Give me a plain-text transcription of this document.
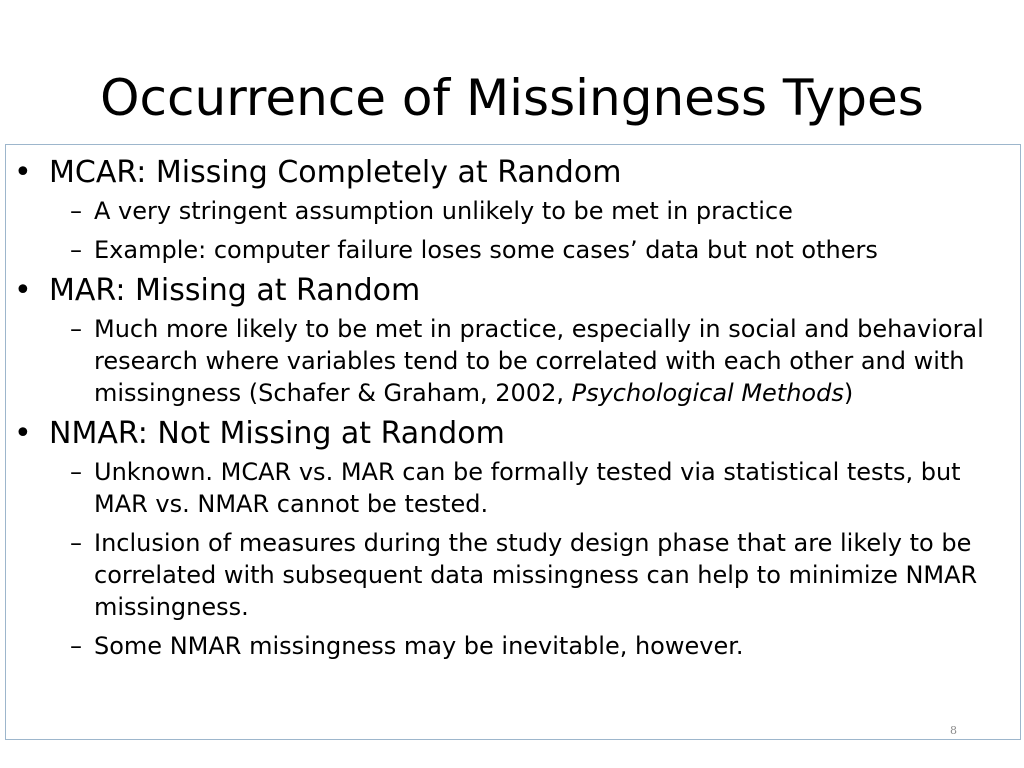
Occurrence of Missingness Types
• MCAR: Missing Completely at Random
– A very stringent assumption unlikely to be met in practice
– Example: computer failure loses some cases’ data but not others
• MAR: Missing at Random
– Much more likely to be met in practice, especially in social and behavioral research where variables tend to be correlated with each other and with missingness (Schafer & Graham, 2002, Psychological Methods)
• NMAR: Not Missing at Random
– Unknown. MCAR vs. MAR can be formally tested via statistical tests, but MAR vs. NMAR cannot be tested.
– Inclusion of measures during the study design phase that are likely to be correlated with subsequent data missingness can help to minimize NMAR missingness.
– Some NMAR missingness may be inevitable, however.
8
